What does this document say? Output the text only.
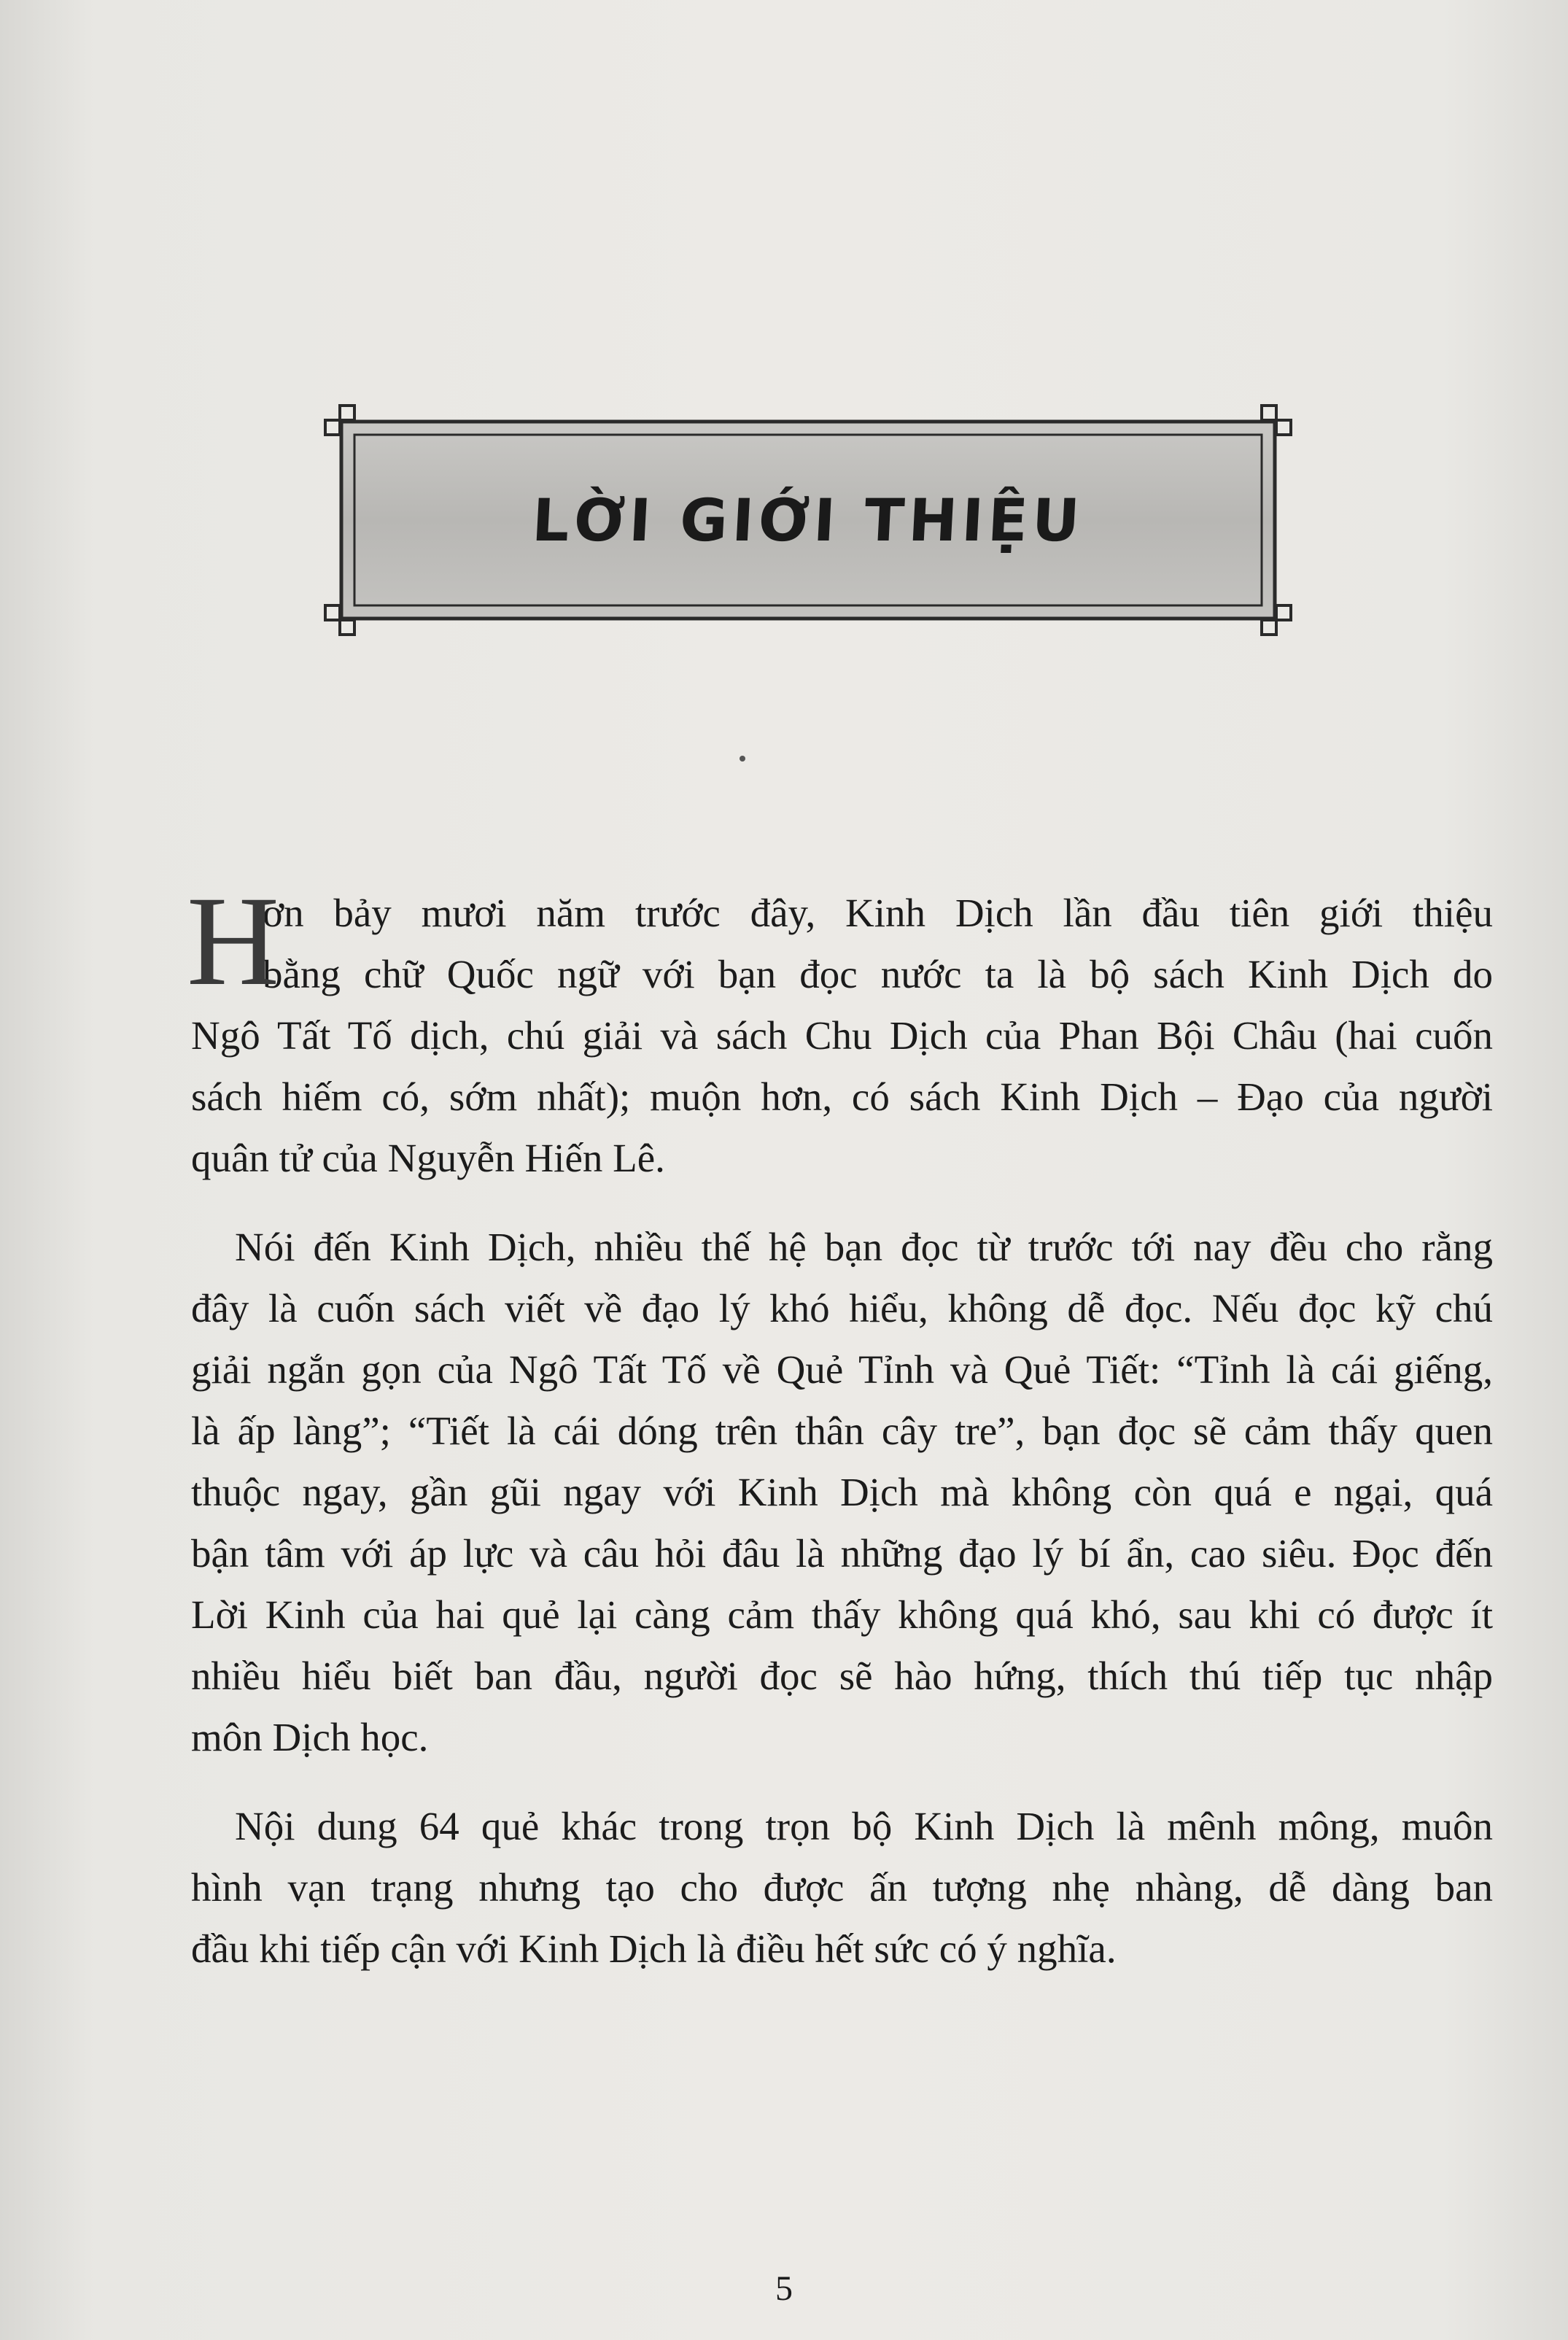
LỜI GIỚI THIỆU

H
ơn bảy mươi năm trước đây, Kinh Dịch lần đầu tiên giới thiệu
bằng chữ Quốc ngữ với bạn đọc nước ta là bộ sách Kinh Dịch do
Ngô Tất Tố dịch, chú giải và sách Chu Dịch của Phan Bội Châu (hai cuốn
sách hiếm có, sớm nhất); muộn hơn, có sách Kinh Dịch – Đạo của người
quân tử của Nguyễn Hiến Lê.

Nói đến Kinh Dịch, nhiều thế hệ bạn đọc từ trước tới nay đều cho rằng
đây là cuốn sách viết về đạo lý khó hiểu, không dễ đọc. Nếu đọc kỹ chú
giải ngắn gọn của Ngô Tất Tố về Quẻ Tỉnh và Quẻ Tiết: “Tỉnh là cái giếng,
là ấp làng”; “Tiết là cái dóng trên thân cây tre”, bạn đọc sẽ cảm thấy quen
thuộc ngay, gần gũi ngay với Kinh Dịch mà không còn quá e ngại, quá
bận tâm với áp lực và câu hỏi đâu là những đạo lý bí ẩn, cao siêu. Đọc đến
Lời Kinh của hai quẻ lại càng cảm thấy không quá khó, sau khi có được ít
nhiều hiểu biết ban đầu, người đọc sẽ hào hứng, thích thú tiếp tục nhập
môn Dịch học.

Nội dung 64 quẻ khác trong trọn bộ Kinh Dịch là mênh mông, muôn
hình vạn trạng nhưng tạo cho được ấn tượng nhẹ nhàng, dễ dàng ban
đầu khi tiếp cận với Kinh Dịch là điều hết sức có ý nghĩa.

5
